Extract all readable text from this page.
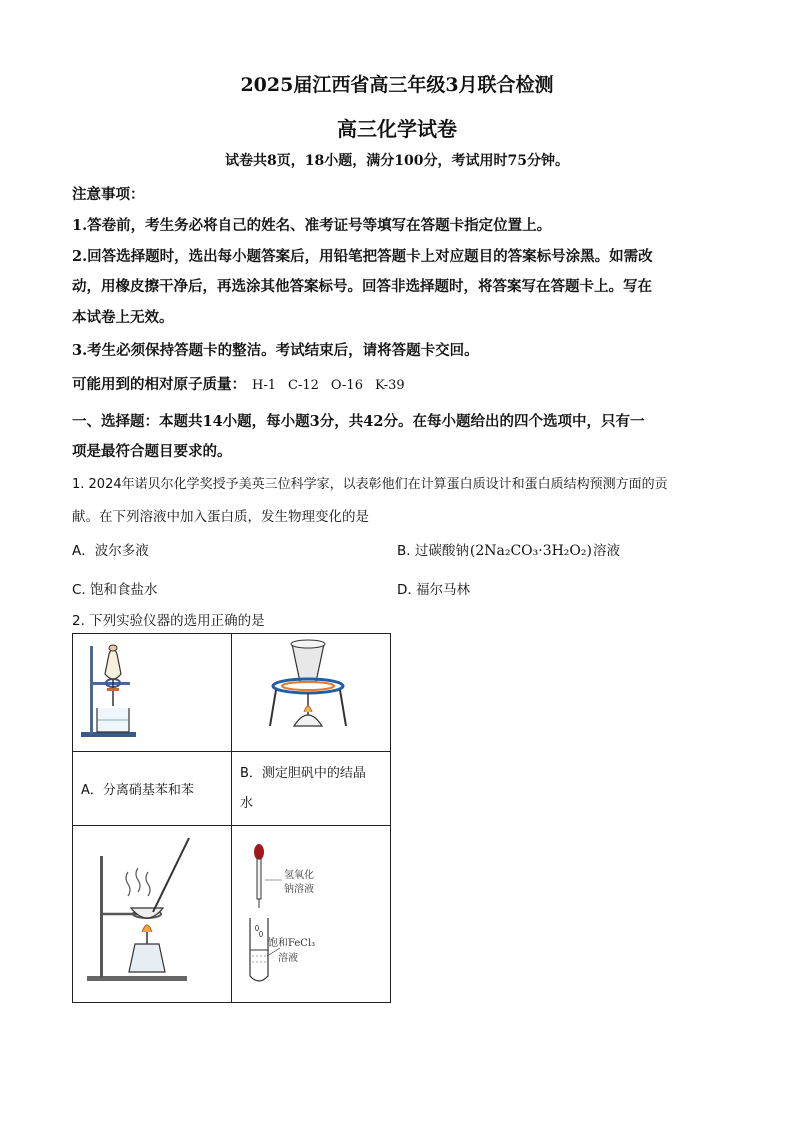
2025届江西省高三年级3月联合检测
高三化学试卷
试卷共8页，18小题，满分100分，考试用时75分钟。
注意事项：
1.答卷前，考生务必将自己的姓名、准考证号等填写在答题卡指定位置上。
2.回答选择题时，选出每小题答案后，用铅笔把答题卡上对应题目的答案标号涂黑。如需改
动，用橡皮擦干净后，再选涂其他答案标号。回答非选择题时，将答案写在答题卡上。写在
本试卷上无效。
3.考生必须保持答题卡的整洁。考试结束后，请将答题卡交回。
可能用到的相对原子质量： H-1 C-12 O-16 K-39
一、选择题：本题共14小题，每小题3分，共42分。在每小题给出的四个选项中，只有一
项是最符合题目要求的。
1. 2024年诺贝尔化学奖授予美英三位科学家，以表彰他们在计算蛋白质设计和蛋白质结构预测方面的贡
献。在下列溶液中加入蛋白质，发生物理变化的是
A．波尔多液	B. 过碳酸钠(2Na₂CO₃·3H₂O₂)溶液
C. 饱和食盐水	D. 福尔马林
2. 下列实验仪器的选用正确的是

A．分离硝基苯和苯	B．测定胆矾中的结晶
水

氢氧化
钠溶液
饱和FeCl₃
溶液
